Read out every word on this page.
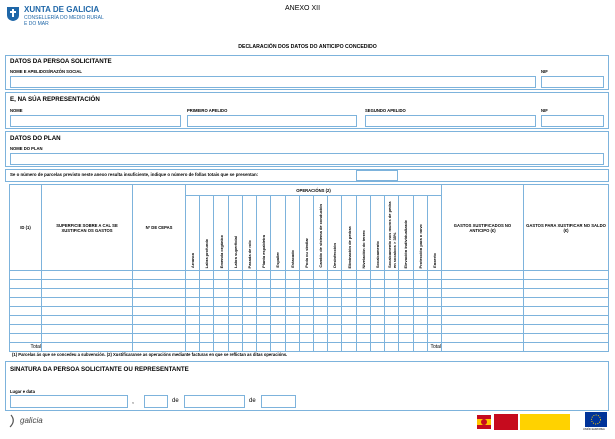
XUNTA DE GALICIA
CONSELLERÍA DO MEDIO RURAL
E DO MAR
ANEXO XII
DECLARACIÓN DOS DATOS DO ANTICIPO CONCEDIDO
DATOS DA PERSOA SOLICITANTE
NOME E APELIDOS/RAZÓN SOCIAL	NIF
E, NA SÚA REPRESENTACIÓN
NOME	PRIMEIRO APELIDO	SEGUNDO APELIDO	NIF
DATOS DO PLAN
NOME DO PLAN
Se o número de parcelas previsto neste anexo resulta insuficiente, indique o número de follas totais que se presentan:
ID (1)	SUPERFICIE SOBRE A CAL SE XUSTIFICAN OS GASTOS	Nº DE CEPAS	OPERACIÓNS (2)																		GASTOS XUSTIFICADOS NO ANTICIPO (€)	GASTOS PARA XUSTIFICAR NO SALDO (€)

			Arranca	Labra profunda	Emenda orgánica	Labra superficial	Pasada de rolo	Planta espaldeira	Espaller	Estacado	Poda ou similar	Cambio de sistema de condución	Desinfección	Eliminación de pedras	Nivelación do terreo	Socalcamento	Socalcamento nos muros de pedra en socalcos > 35%	Elevación individualizada	Protección para o novo	Enxerto		

Total																				Total		
(1) Parcelas ás que se concedeu a subvención. (2) Xustificaranse as operacións mediante facturas en que se reflictan as ditas operacións.
SINATURA DA PERSOA SOLICITANTE OU REPRESENTANTE
Lugar e data
,	de	de
galicia
UNIÓN EUROPEA
